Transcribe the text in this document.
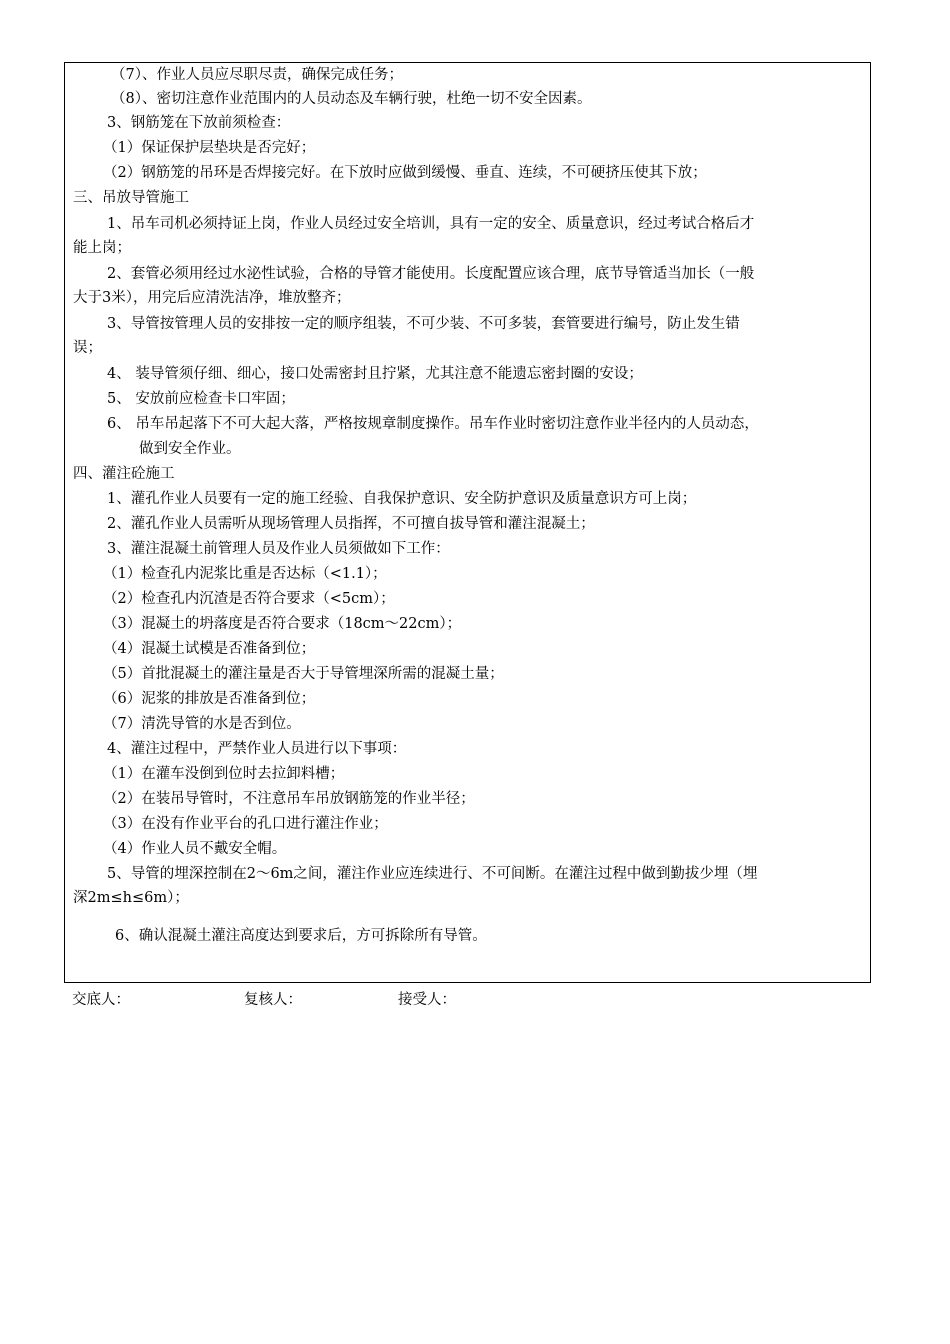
（7）、作业人员应尽职尽责，确保完成任务；
（8）、密切注意作业范围内的人员动态及车辆行驶，杜绝一切不安全因素。
3、钢筋笼在下放前须检查：
（1）保证保护层垫块是否完好；
（2）钢筋笼的吊环是否焊接完好。在下放时应做到缓慢、垂直、连续，不可硬挤压使其下放；
三、吊放导管施工
1、吊车司机必须持证上岗，作业人员经过安全培训，具有一定的安全、质量意识，经过考试合格后才
能上岗；
2、套管必须用经过水泌性试验，合格的导管才能使用。长度配置应该合理，底节导管适当加长（一般
大于3米），用完后应清洗洁净，堆放整齐；
3、导管按管理人员的安排按一定的顺序组装，不可少装、不可多装，套管要进行编号，防止发生错
误；
4、 装导管须仔细、细心，接口处需密封且拧紧，尤其注意不能遗忘密封圈的安设；
5、 安放前应检查卡口牢固；
6、 吊车吊起落下不可大起大落，严格按规章制度操作。吊车作业时密切注意作业半径内的人员动态，
做到安全作业。
四、灌注砼施工
1、灌孔作业人员要有一定的施工经验、自我保护意识、安全防护意识及质量意识方可上岗；
2、灌孔作业人员需听从现场管理人员指挥，不可擅自拔导管和灌注混凝土；
3、灌注混凝土前管理人员及作业人员须做如下工作：
（1）检查孔内泥浆比重是否达标（<1.1）；
（2）检查孔内沉渣是否符合要求（<5cm）；
（3）混凝土的坍落度是否符合要求（18cm～22cm）；
（4）混凝土试模是否准备到位；
（5）首批混凝土的灌注量是否大于导管埋深所需的混凝土量；
（6）泥浆的排放是否准备到位；
（7）清洗导管的水是否到位。
4、灌注过程中，严禁作业人员进行以下事项：
（1）在灌车没倒到位时去拉卸料槽；
（2）在装吊导管时，不注意吊车吊放钢筋笼的作业半径；
（3）在没有作业平台的孔口进行灌注作业；
（4）作业人员不戴安全帽。
5、导管的埋深控制在2～6m之间，灌注作业应连续进行、不可间断。在灌注过程中做到勤拔少埋（埋
深2m≤h≤6m）；
6、确认混凝土灌注高度达到要求后，方可拆除所有导管。
交底人：	复核人：	接受人：
